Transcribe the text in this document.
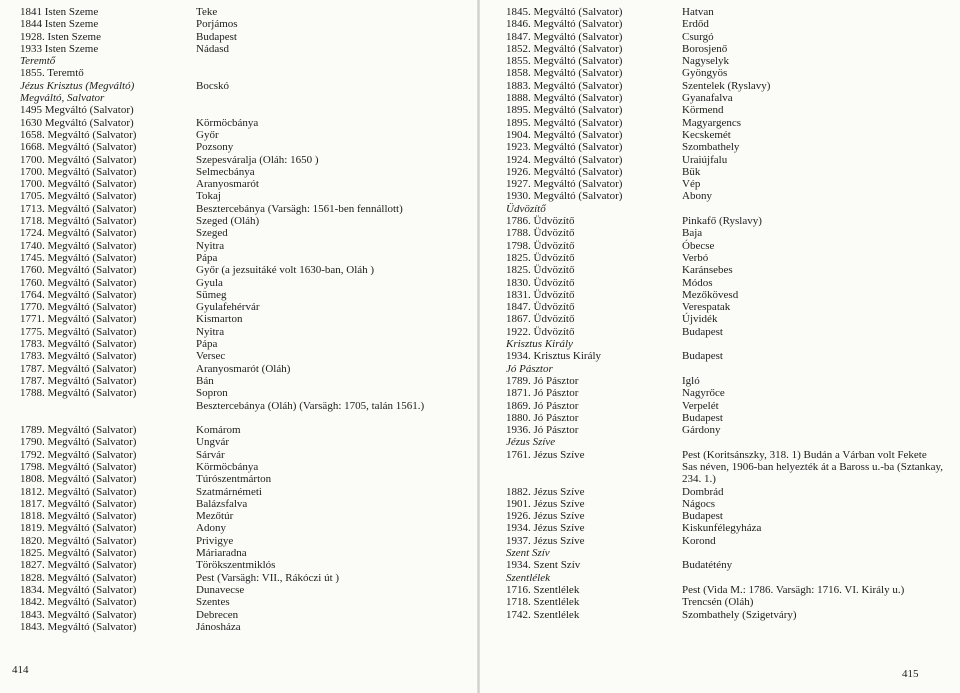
1841 Isten Szeme
1844 Isten Szeme
1928. Isten Szeme
1933 Isten Szeme
Teremtő
1855. Teremtő
Jézus Krisztus (Megváltó)
Megváltó, Salvator
1495 Megváltó (Salvator)
1630 Megváltó (Salvator)
1658. Megváltó (Salvator)
1668. Megváltó (Salvator)
1700. Megváltó (Salvator)
1700. Megváltó (Salvator)
1700. Megváltó (Salvator)
1705. Megváltó (Salvator)
1713. Megváltó (Salvator)
1718. Megváltó (Salvator)
1724. Megváltó (Salvator)
1740. Megváltó (Salvator)
1745. Megváltó (Salvator)
1760. Megváltó (Salvator)
1760. Megváltó (Salvator)
1764. Megváltó (Salvator)
1770. Megváltó (Salvator)
1771. Megváltó (Salvator)
1775. Megváltó (Salvator)
1783. Megváltó (Salvator)
1783. Megváltó (Salvator)
1787. Megváltó (Salvator)
1787. Megváltó (Salvator)
1788. Megváltó (Salvator)
1789. Megváltó (Salvator)
1790. Megváltó (Salvator)
1792. Megváltó (Salvator)
1798. Megváltó (Salvator)
1808. Megváltó (Salvator)
1812. Megváltó (Salvator)
1817. Megváltó (Salvator)
1818. Megváltó (Salvator)
1819. Megváltó (Salvator)
1820. Megváltó (Salvator)
1825. Megváltó (Salvator)
1827. Megváltó (Salvator)
1828. Megváltó (Salvator)
1834. Megváltó (Salvator)
1842. Megváltó (Salvator)
1843. Megváltó (Salvator)
1843. Megváltó (Salvator)
Teke
Porjámos
Budapest
Nádasd
Bocskó
Körmöcbánya
Győr
Pozsony
Szepesváralja (Oláh: 1650 )
Selmecbánya
Aranyosmarót
Tokaj
Besztercebánya (Varsägh: 1561-ben fennállott)
Szeged (Oláh)
Szeged
Nyitra
Pápa
Győr (a jezsuitáké volt 1630-ban, Oláh )
Gyula
Sümeg
Gyulafehérvár
Kismarton
Nyitra
Pápa
Versec
Aranyosmarót (Oláh)
Bán
Sopron
Besztercebánya (Oláh) (Varsägh: 1705, talán 1561.)
Komárom
Ungvár
Sárvár
Körmöcbánya
Túrószentmárton
Szatmárnémeti
Balázsfalva
Mezőtúr
Adony
Privigye
Máriaradna
Törökszentmiklós
Pest (Varsägh: VII., Rákóczi út )
Dunavecse
Szentes
Debrecen
Jánosháza
414
1845. Megváltó (Salvator)
1846. Megváltó (Salvator)
1847. Megváltó (Salvator)
1852. Megváltó (Salvator)
1855. Megváltó (Salvator)
1858. Megváltó (Salvator)
1883. Megváltó (Salvator)
1888. Megváltó (Salvator)
1895. Megváltó (Salvator)
1895. Megváltó (Salvator)
1904. Megváltó (Salvator)
1923. Megváltó (Salvator)
1924. Megváltó (Salvator)
1926. Megváltó (Salvator)
1927. Megváltó (Salvator)
1930. Megváltó (Salvator)
Üdvözítő
1786. Üdvözítő
1788. Üdvözítő
1798. Üdvözítő
1825. Üdvözítő
1825. Üdvözítő
1830. Üdvözítő
1831. Üdvözítő
1847. Üdvözítő
1867. Üdvözítő
1922. Üdvözítő
Krisztus Király
1934. Krisztus Király
Jó Pásztor
1789. Jó Pásztor
1871. Jó Pásztor
1869. Jó Pásztor
1880. Jó Pásztor
1936. Jó Pásztor
Jézus Szíve
1761. Jézus Szíve
1882. Jézus Szíve
1901. Jézus Szíve
1926. Jézus Szíve
1934. Jézus Szíve
1937. Jézus Szíve
Szent Szív
1934. Szent Szív
Szentlélek
1716. Szentlélek
1718. Szentlélek
1742. Szentlélek
Hatvan
Erdőd
Csurgó
Borosjenő
Nagyselyk
Gyöngyös
Szentelek (Ryslavy)
Gyanafalva
Körmend
Magyargencs
Kecskemét
Szombathely
Uraiújfalu
Bük
Vép
Abony
Pinkafő (Ryslavy)
Baja
Óbecse
Verbó
Karánsebes
Módos
Mezőkövesd
Verespatak
Újvidék
Budapest
Budapest
Igló
Nagyrőce
Verpelét
Budapest
Gárdony
Pest (Koritsánszky, 318. 1) Budán a Várban volt Fekete Sas néven, 1906-ban helyezték át a Baross u.-ba (Sztankay, 234. 1.)
Dombrád
Nágocs
Budapest
Kiskunfélegyháza
Korond
Budatétény
Pest (Vida M.: 1786. Varsägh: 1716. VI. Király u.)
Trencsén (Oláh)
Szombathely (Szigetváry)
415
